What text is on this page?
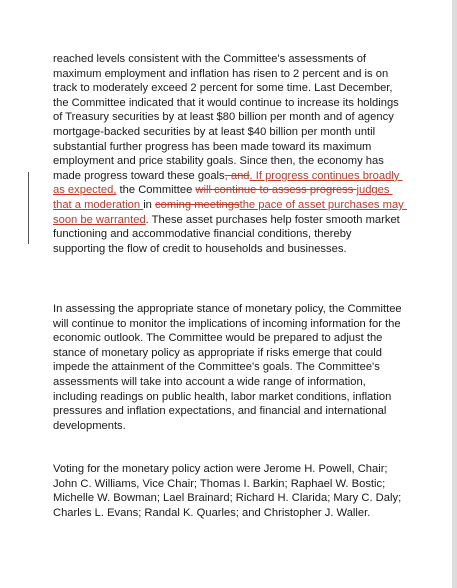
reached levels consistent with the Committee's assessments of maximum employment and inflation has risen to 2 percent and is on track to moderately exceed 2 percent for some time. Last December, the Committee indicated that it would continue to increase its holdings of Treasury securities by at least $80 billion per month and of agency mortgage-backed securities by at least $40 billion per month until substantial further progress has been made toward its maximum employment and price stability goals. Since then, the economy has made progress toward these goals, and. If progress continues broadly as expected, the Committee will continue to assess progress judges that a moderation in coming meetingsthe pace of asset purchases may soon be warranted. These asset purchases help foster smooth market functioning and accommodative financial conditions, thereby supporting the flow of credit to households and businesses.
In assessing the appropriate stance of monetary policy, the Committee will continue to monitor the implications of incoming information for the economic outlook. The Committee would be prepared to adjust the stance of monetary policy as appropriate if risks emerge that could impede the attainment of the Committee's goals. The Committee's assessments will take into account a wide range of information, including readings on public health, labor market conditions, inflation pressures and inflation expectations, and financial and international developments.
Voting for the monetary policy action were Jerome H. Powell, Chair; John C. Williams, Vice Chair; Thomas I. Barkin; Raphael W. Bostic; Michelle W. Bowman; Lael Brainard; Richard H. Clarida; Mary C. Daly; Charles L. Evans; Randal K. Quarles; and Christopher J. Waller.
